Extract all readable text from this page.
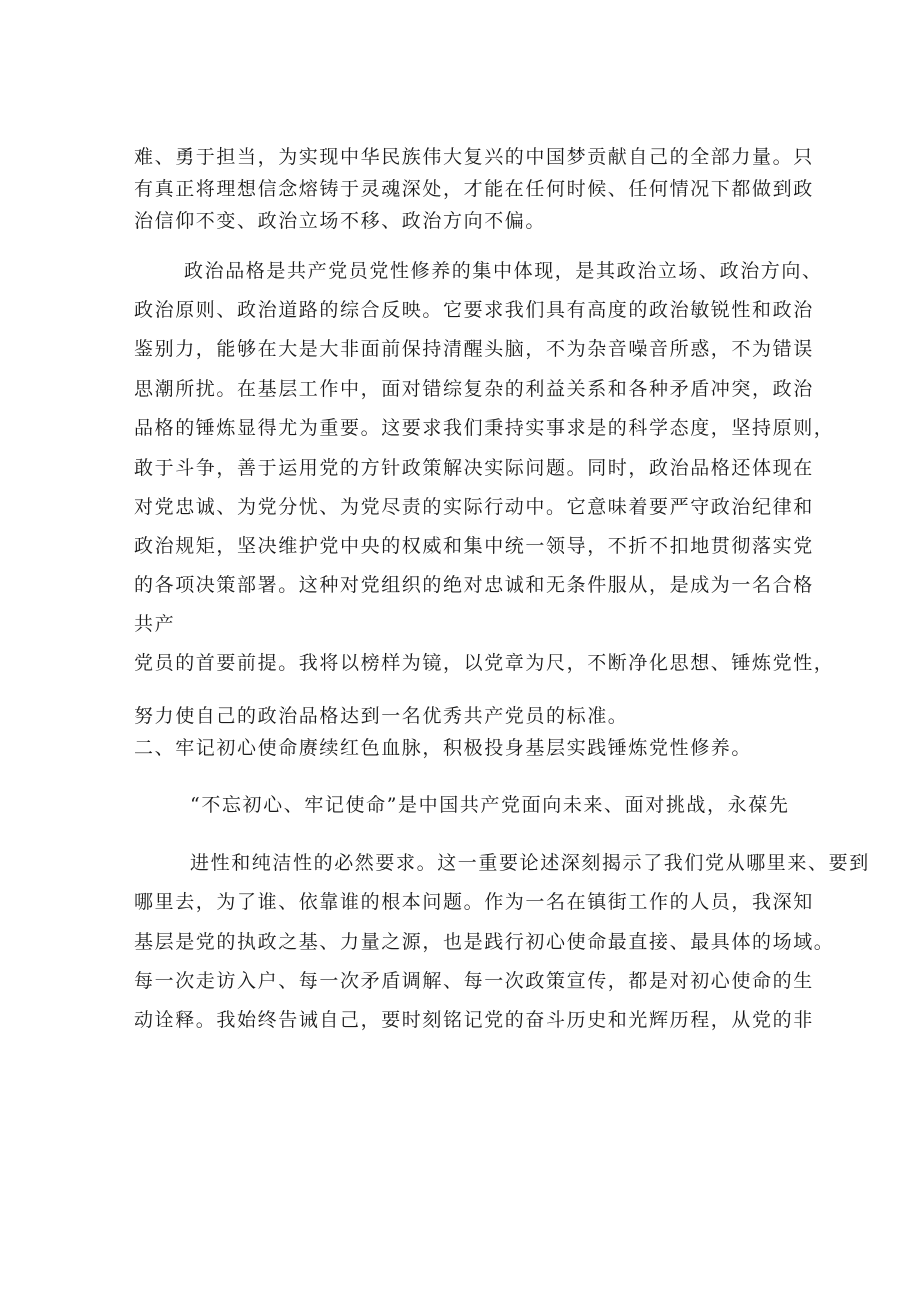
难、勇于担当，为实现中华民族伟大复兴的中国梦贡献自己的全部力量。只
有真正将理想信念熔铸于灵魂深处，才能在任何时候、任何情况下都做到政
治信仰不变、政治立场不移、政治方向不偏。
政治品格是共产党员党性修养的集中体现，是其政治立场、政治方向、
政治原则、政治道路的综合反映。它要求我们具有高度的政治敏锐性和政治
鉴别力，能够在大是大非面前保持清醒头脑，不为杂音噪音所惑，不为错误
思潮所扰。在基层工作中，面对错综复杂的利益关系和各种矛盾冲突，政治
品格的锤炼显得尤为重要。这要求我们秉持实事求是的科学态度，坚持原则，
敢于斗争，善于运用党的方针政策解决实际问题。同时，政治品格还体现在
对党忠诚、为党分忧、为党尽责的实际行动中。它意味着要严守政治纪律和
政治规矩，坚决维护党中央的权威和集中统一领导，不折不扣地贯彻落实党
的各项决策部署。这种对党组织的绝对忠诚和无条件服从，是成为一名合格
共产
党员的首要前提。我将以榜样为镜，以党章为尺，不断净化思想、锤炼党性，
努力使自己的政治品格达到一名优秀共产党员的标准。
二、牢记初心使命赓续红色血脉，积极投身基层实践锤炼党性修养。
“不忘初心、牢记使命”是中国共产党面向未来、面对挑战，永葆先
进性和纯洁性的必然要求。这一重要论述深刻揭示了我们党从哪里来、要到
哪里去，为了谁、依靠谁的根本问题。作为一名在镇街工作的人员，我深知
基层是党的执政之基、力量之源，也是践行初心使命最直接、最具体的场域。
每一次走访入户、每一次矛盾调解、每一次政策宣传，都是对初心使命的生
动诠释。我始终告诫自己，要时刻铭记党的奋斗历史和光辉历程，从党的非
